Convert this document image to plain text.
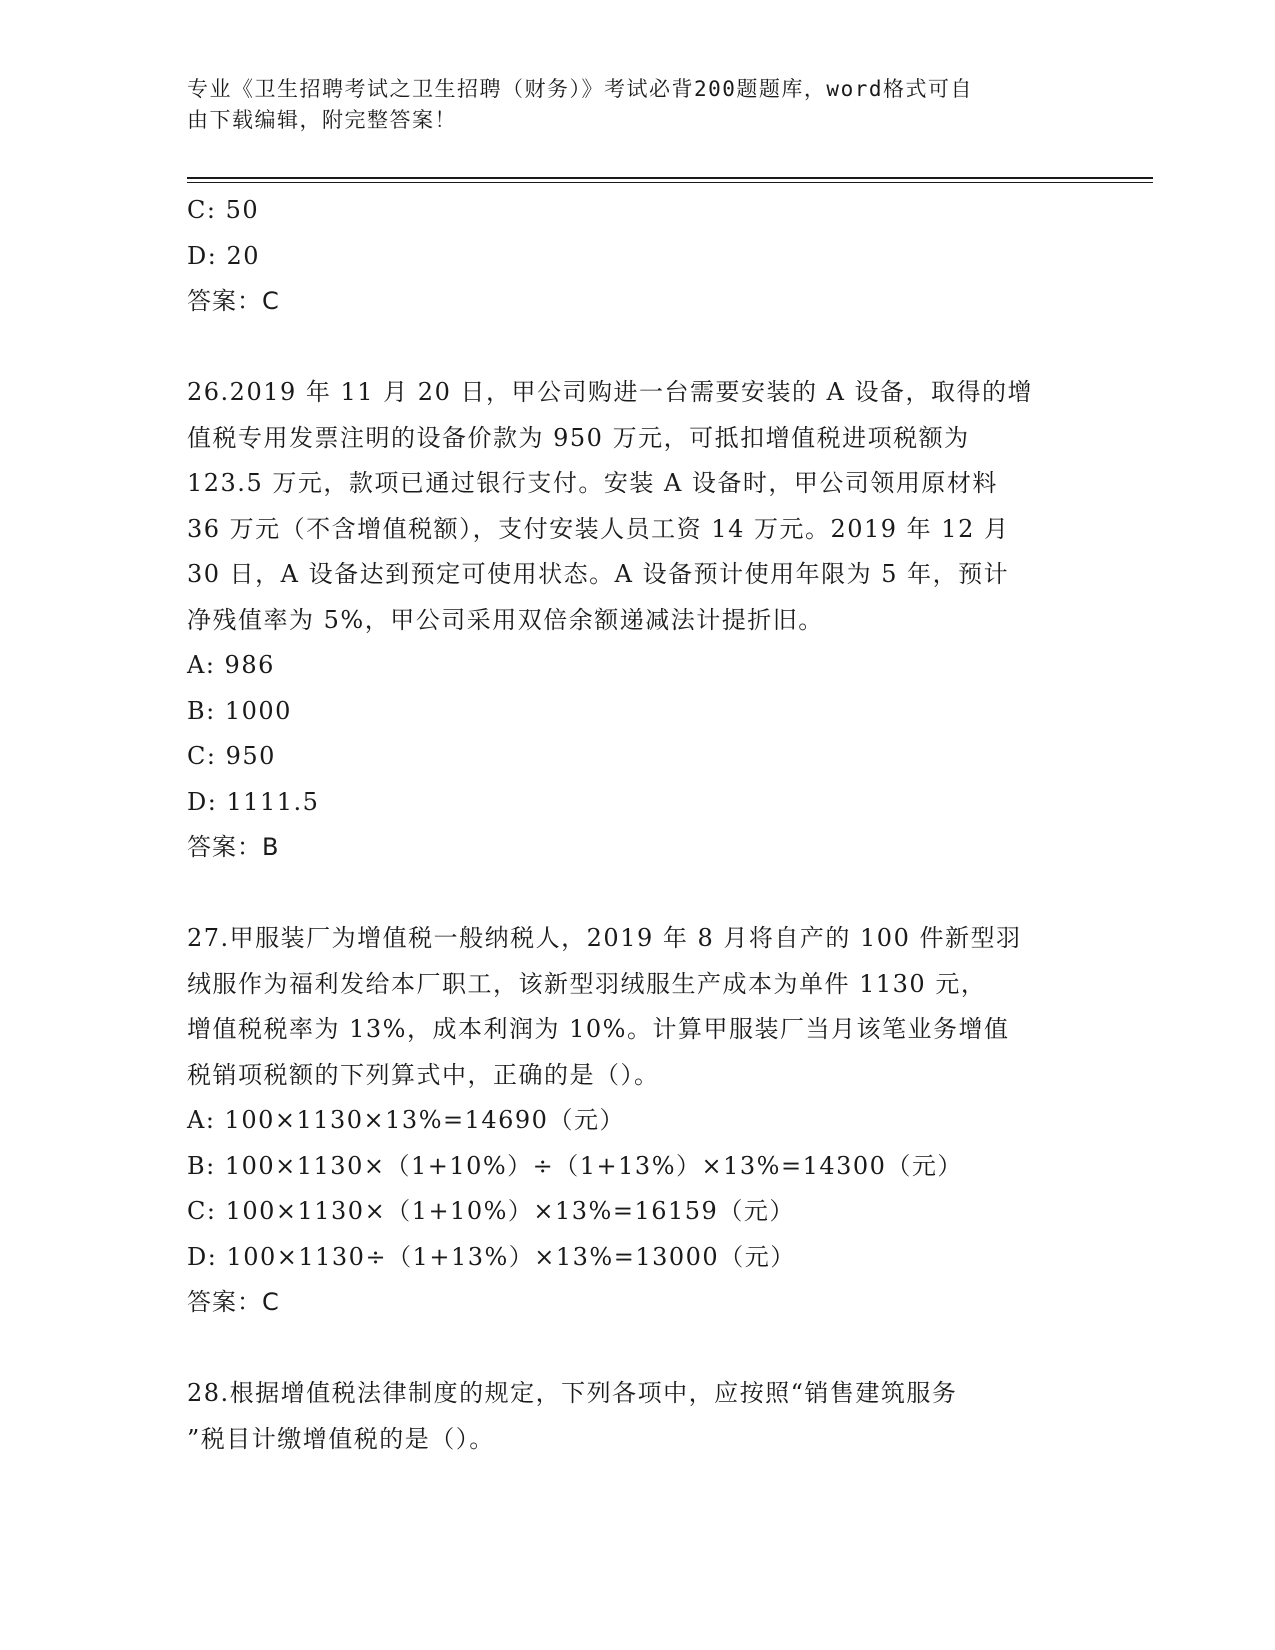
专业《卫生招聘考试之卫生招聘（财务）》考试必背200题题库，word格式可自
由下载编辑，附完整答案！
C: 50
D: 20
答案：C
26.2019 年 11 月 20 日，甲公司购进一台需要安装的 A 设备，取得的增
值税专用发票注明的设备价款为 950 万元，可抵扣增值税进项税额为
123.5 万元，款项已通过银行支付。安装 A 设备时，甲公司领用原材料
36 万元（不含增值税额），支付安装人员工资 14 万元。2019 年 12 月
30 日，A 设备达到预定可使用状态。A 设备预计使用年限为 5 年，预计
净残值率为 5%，甲公司采用双倍余额递减法计提折旧。
A: 986
B: 1000
C: 950
D: 1111.5
答案：B
27.甲服装厂为增值税一般纳税人，2019 年 8 月将自产的 100 件新型羽
绒服作为福利发给本厂职工，该新型羽绒服生产成本为单件 1130 元，
增值税税率为 13%，成本利润为 10%。计算甲服装厂当月该笔业务增值
税销项税额的下列算式中，正确的是（）。
A: 100×1130×13%=14690（元）
B: 100×1130×（1+10%）÷（1+13%）×13%=14300（元）
C: 100×1130×（1+10%）×13%=16159（元）
D: 100×1130÷（1+13%）×13%=13000（元）
答案：C
28.根据增值税法律制度的规定，下列各项中，应按照“销售建筑服务
”税目计缴增值税的是（）。
